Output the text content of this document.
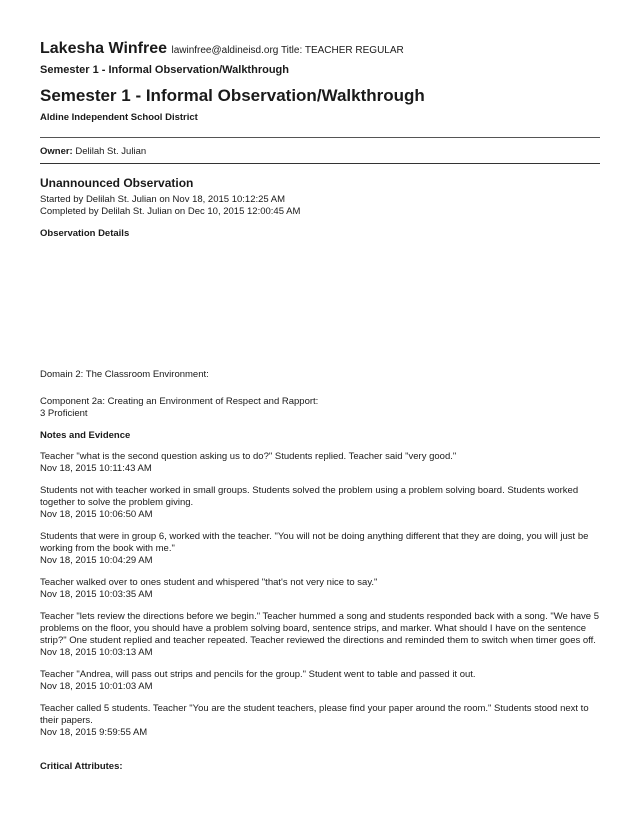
Lakesha Winfree lawinfree@aldineisd.org Title: TEACHER REGULAR
Semester 1 - Informal Observation/Walkthrough
Semester 1 - Informal Observation/Walkthrough
Aldine Independent School District
Owner: Delilah St. Julian
Unannounced Observation
Started by Delilah St. Julian on Nov 18, 2015 10:12:25 AM
Completed by Delilah St. Julian on Dec 10, 2015 12:00:45 AM
Observation Details
Domain 2: The Classroom Environment:
Component 2a: Creating an Environment of Respect and Rapport:
3 Proficient
Notes and Evidence
Teacher "what is the second question asking us to do?" Students replied. Teacher said "very good."
Nov 18, 2015 10:11:43 AM
Students not with teacher worked in small groups. Students solved the problem using a problem solving board. Students worked together to solve the problem giving.
Nov 18, 2015 10:06:50 AM
Students that were in group 6, worked with the teacher. "You will not be doing anything different that they are doing, you will just be working from the book with me."
Nov 18, 2015 10:04:29 AM
Teacher walked over to ones student and whispered "that's not very nice to say."
Nov 18, 2015 10:03:35 AM
Teacher "lets review the directions before we begin." Teacher hummed a song and students responded back with a song. "We have 5 problems on the floor, you should have a problem solving board, sentence strips, and marker. What should I have on the sentence strip?" One student replied and teacher repeated. Teacher reviewed the directions and reminded them to switch when timer goes off.
Nov 18, 2015 10:03:13 AM
Teacher "Andrea, will pass out strips and pencils for the group." Student went to table and passed it out.
Nov 18, 2015 10:01:03 AM
Teacher called 5 students. Teacher "You are the student teachers, please find your paper around the room." Students stood next to their papers.
Nov 18, 2015 9:59:55 AM
Critical Attributes:
